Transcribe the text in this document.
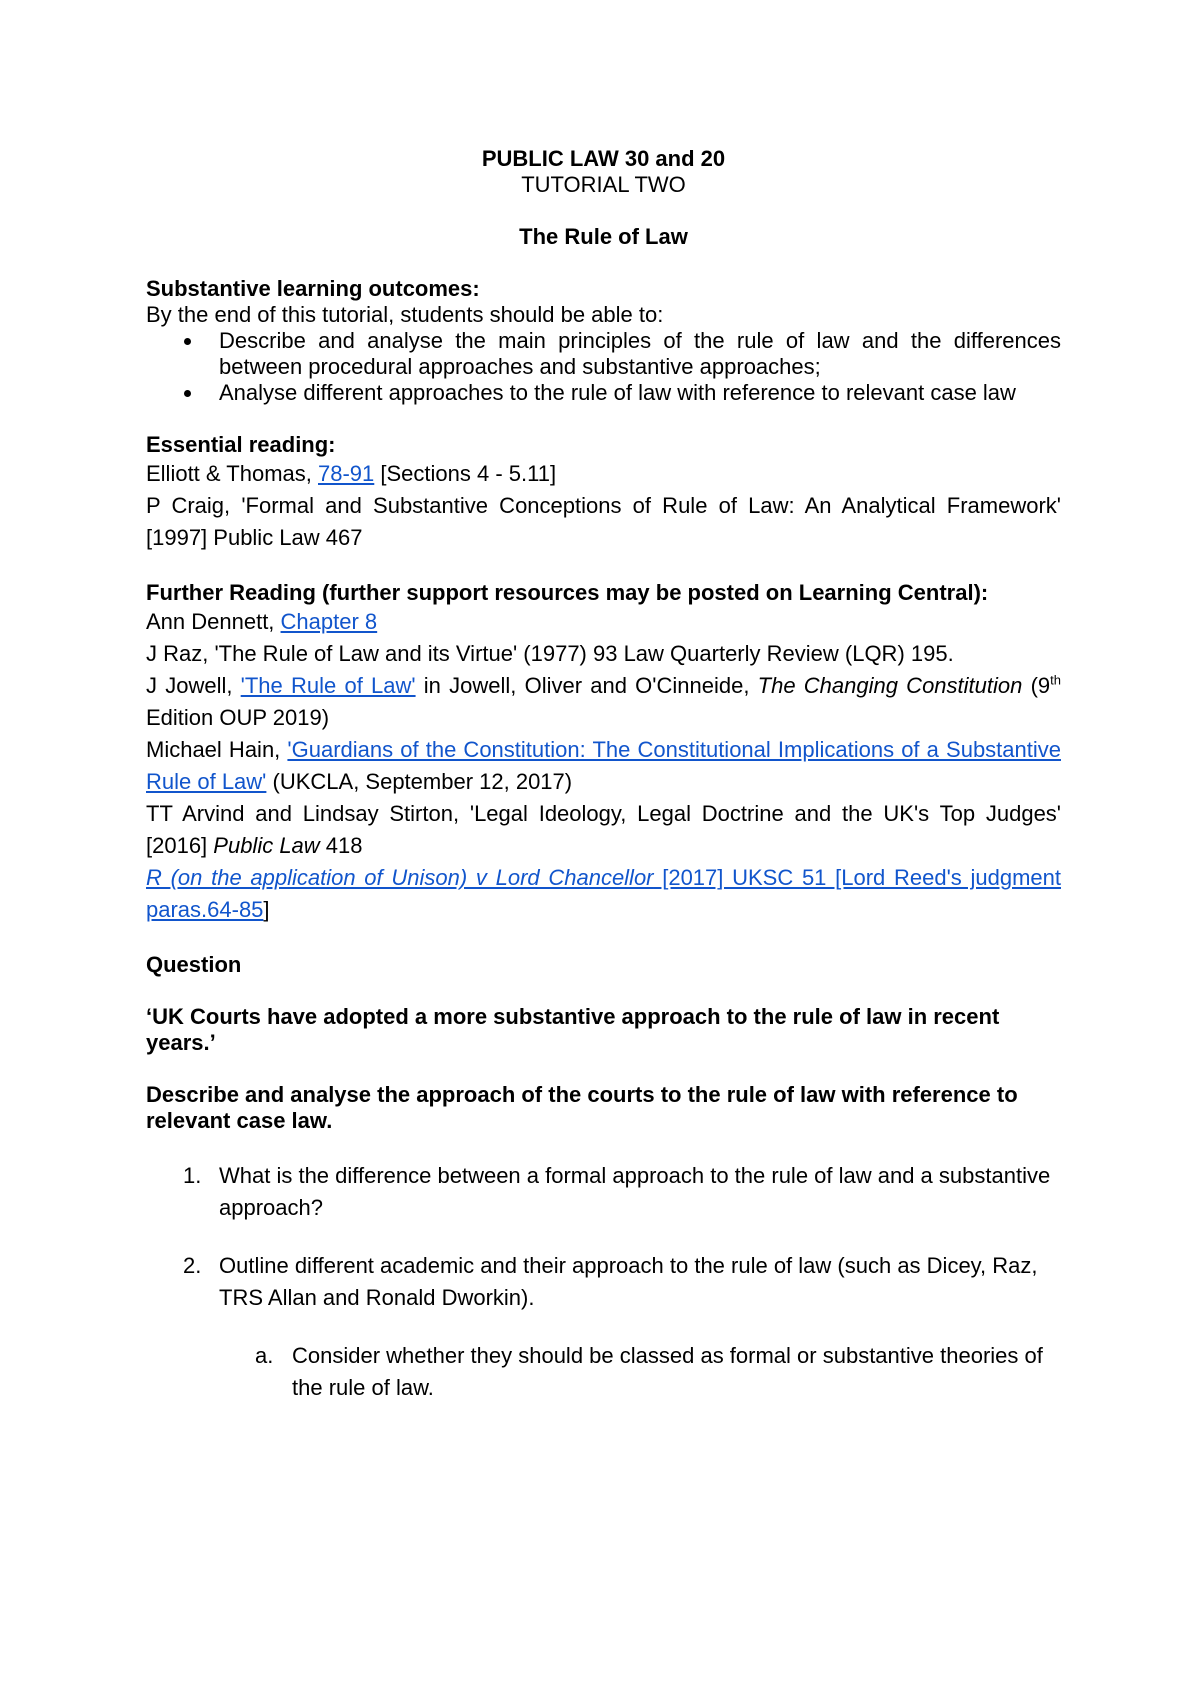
PUBLIC LAW 30 and 20
TUTORIAL TWO
The Rule of Law
Substantive learning outcomes:
By the end of this tutorial, students should be able to:
Describe and analyse the main principles of the rule of law and the differences between procedural approaches and substantive approaches;
Analyse different approaches to the rule of law with reference to relevant case law
Essential reading:
Elliott & Thomas, 78-91 [Sections 4 - 5.11]
P Craig, 'Formal and Substantive Conceptions of Rule of Law: An Analytical Framework' [1997] Public Law 467
Further Reading (further support resources may be posted on Learning Central):
Ann Dennett, Chapter 8
J Raz, 'The Rule of Law and its Virtue' (1977) 93 Law Quarterly Review (LQR) 195.
J Jowell, 'The Rule of Law' in Jowell, Oliver and O'Cinneide, The Changing Constitution (9th Edition OUP 2019)
Michael Hain, 'Guardians of the Constitution: The Constitutional Implications of a Substantive Rule of Law' (UKCLA, September 12, 2017)
TT Arvind and Lindsay Stirton, 'Legal Ideology, Legal Doctrine and the UK's Top Judges' [2016] Public Law 418
R (on the application of Unison) v Lord Chancellor [2017] UKSC 51 [Lord Reed's judgment paras.64-85]
Question
‘UK Courts have adopted a more substantive approach to the rule of law in recent years.’
Describe and analyse the approach of the courts to the rule of law with reference to relevant case law.
1. What is the difference between a formal approach to the rule of law and a substantive approach?
2. Outline different academic and their approach to the rule of law (such as Dicey, Raz, TRS Allan and Ronald Dworkin).
a. Consider whether they should be classed as formal or substantive theories of the rule of law.
